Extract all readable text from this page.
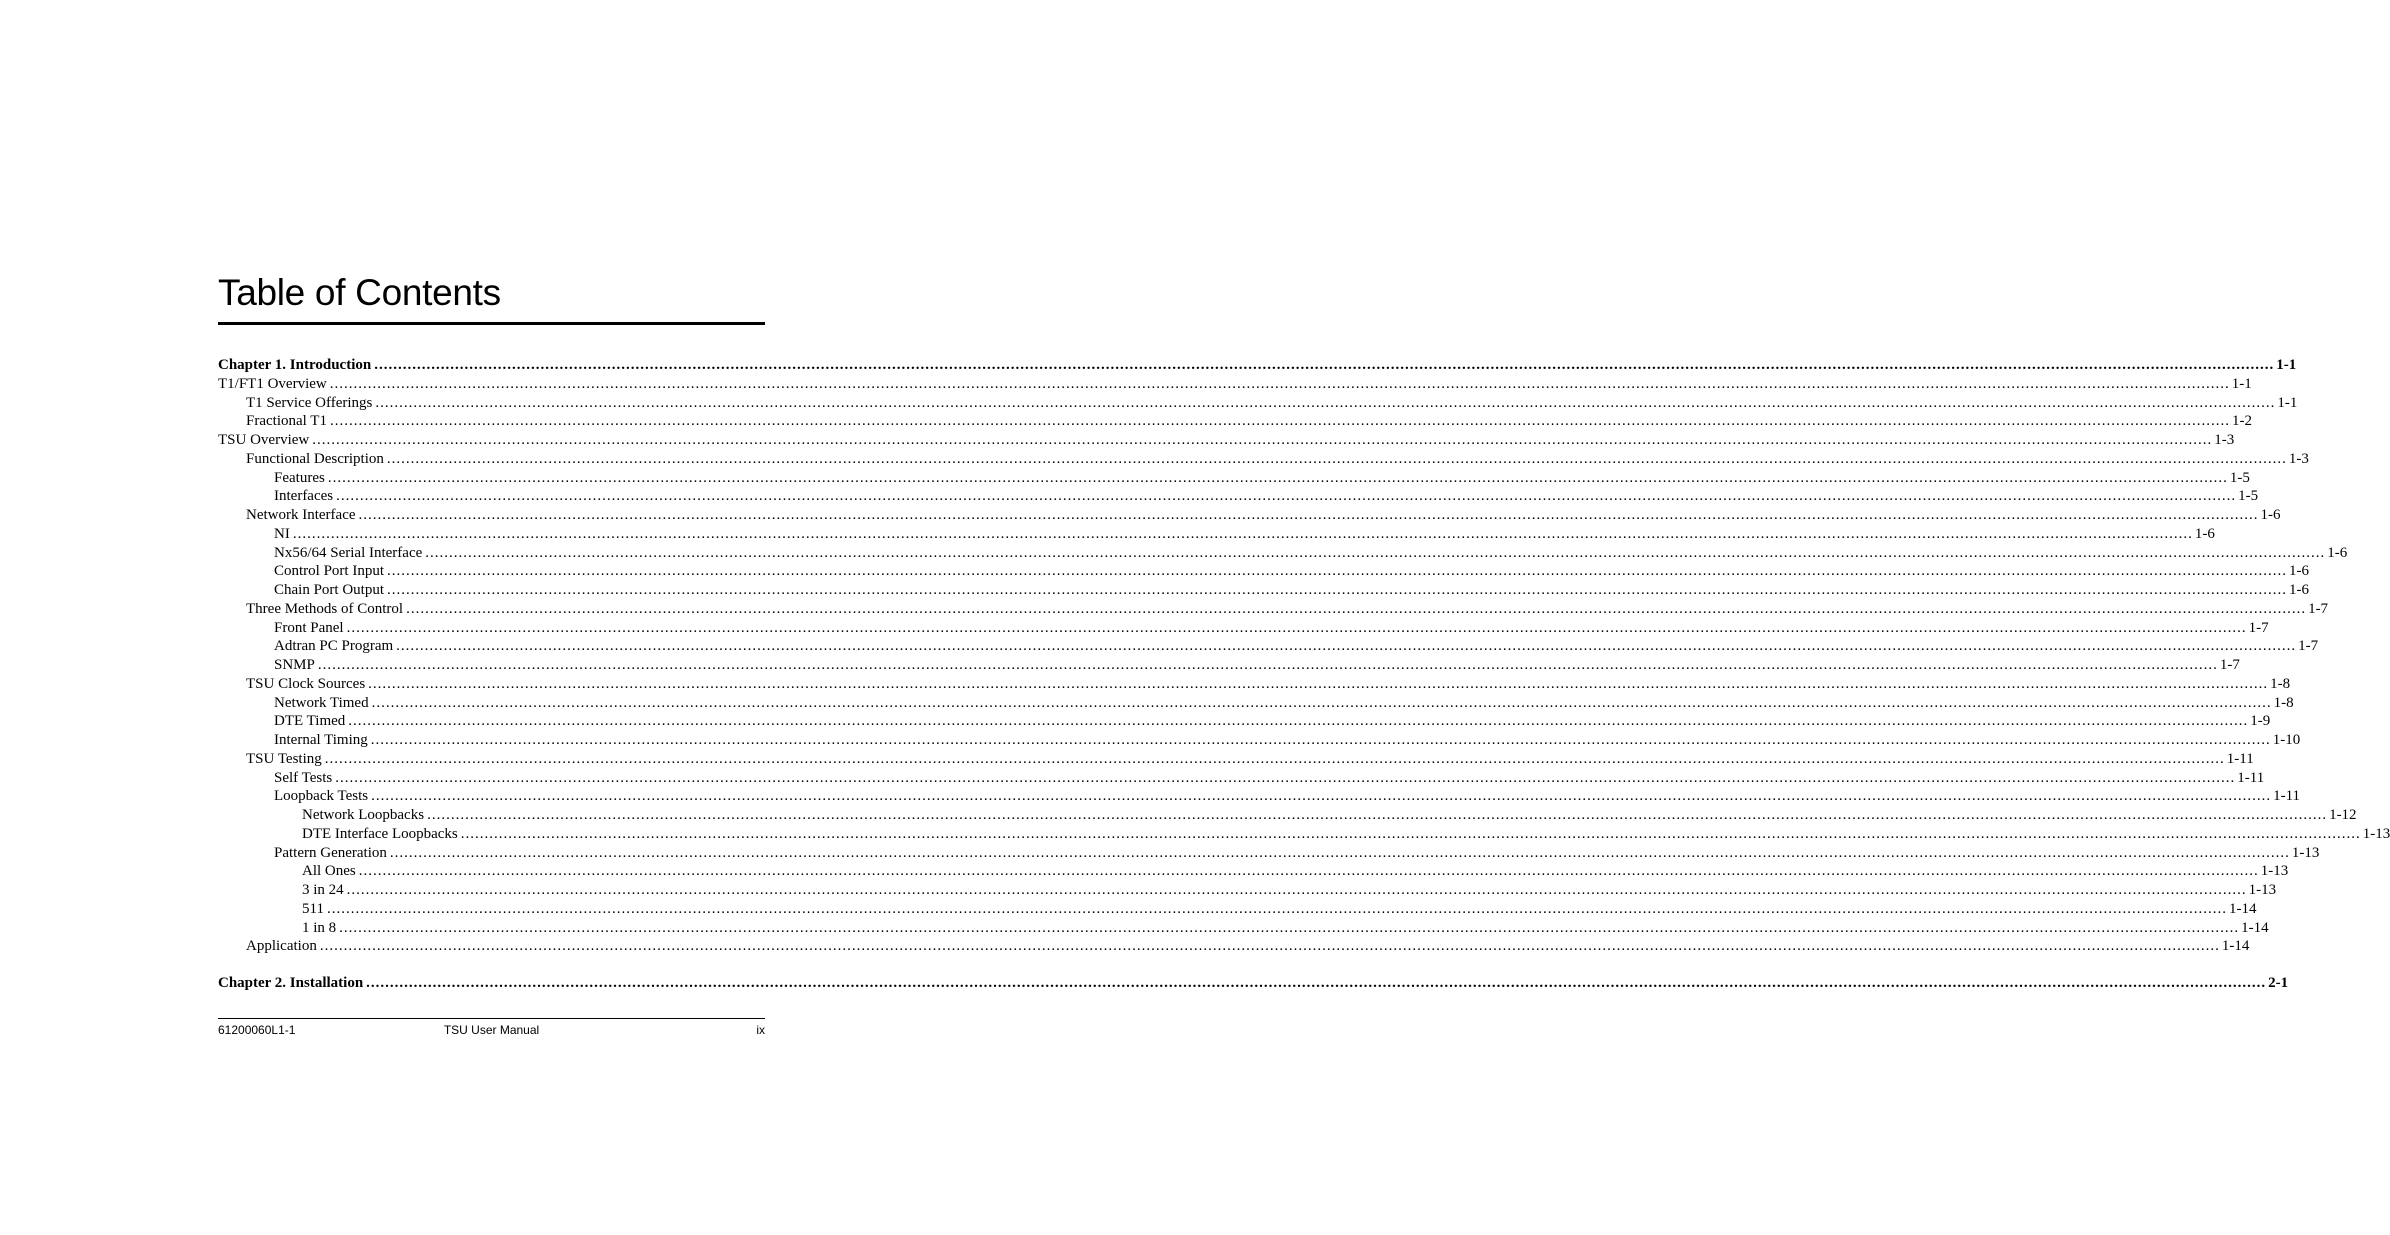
Table of Contents
Chapter 1. Introduction ................................................................................................................................................................................................................................................................................................................................................................................................................ 1-1
T1/FT1 Overview ................................................................................................................................................................................................................................................................................................................................................................................................................ 1-1
T1 Service Offerings ................................................................................................................................................................................................................................................................................................................................................................................................................ 1-1
Fractional T1 ................................................................................................................................................................................................................................................................................................................................................................................................................ 1-2
TSU Overview ................................................................................................................................................................................................................................................................................................................................................................................................................ 1-3
Functional Description ................................................................................................................................................................................................................................................................................................................................................................................................................ 1-3
Features ................................................................................................................................................................................................................................................................................................................................................................................................................ 1-5
Interfaces ................................................................................................................................................................................................................................................................................................................................................................................................................ 1-5
Network Interface ................................................................................................................................................................................................................................................................................................................................................................................................................ 1-6
NI ................................................................................................................................................................................................................................................................................................................................................................................................................ 1-6
Nx56/64 Serial Interface ................................................................................................................................................................................................................................................................................................................................................................................................................ 1-6
Control Port Input ................................................................................................................................................................................................................................................................................................................................................................................................................ 1-6
Chain Port Output ................................................................................................................................................................................................................................................................................................................................................................................................................ 1-6
Three Methods of Control ................................................................................................................................................................................................................................................................................................................................................................................................................ 1-7
Front Panel ................................................................................................................................................................................................................................................................................................................................................................................................................ 1-7
Adtran PC Program ................................................................................................................................................................................................................................................................................................................................................................................................................ 1-7
SNMP ................................................................................................................................................................................................................................................................................................................................................................................................................ 1-7
TSU Clock Sources ................................................................................................................................................................................................................................................................................................................................................................................................................ 1-8
Network Timed ................................................................................................................................................................................................................................................................................................................................................................................................................ 1-8
DTE Timed ................................................................................................................................................................................................................................................................................................................................................................................................................ 1-9
Internal Timing ................................................................................................................................................................................................................................................................................................................................................................................................................ 1-10
TSU Testing ................................................................................................................................................................................................................................................................................................................................................................................................................ 1-11
Self Tests ................................................................................................................................................................................................................................................................................................................................................................................................................ 1-11
Loopback Tests ................................................................................................................................................................................................................................................................................................................................................................................................................ 1-11
Network Loopbacks ................................................................................................................................................................................................................................................................................................................................................................................................................ 1-12
DTE Interface Loopbacks ................................................................................................................................................................................................................................................................................................................................................................................................................ 1-13
Pattern Generation ................................................................................................................................................................................................................................................................................................................................................................................................................ 1-13
All Ones ................................................................................................................................................................................................................................................................................................................................................................................................................ 1-13
3 in 24 ................................................................................................................................................................................................................................................................................................................................................................................................................ 1-13
511 ................................................................................................................................................................................................................................................................................................................................................................................................................ 1-14
1 in 8 ................................................................................................................................................................................................................................................................................................................................................................................................................ 1-14
Application ................................................................................................................................................................................................................................................................................................................................................................................................................ 1-14
Chapter 2. Installation ................................................................................................................................................................................................................................................................................................................................................................................................................ 2-1
61200060L1-1	TSU User Manual	ix
